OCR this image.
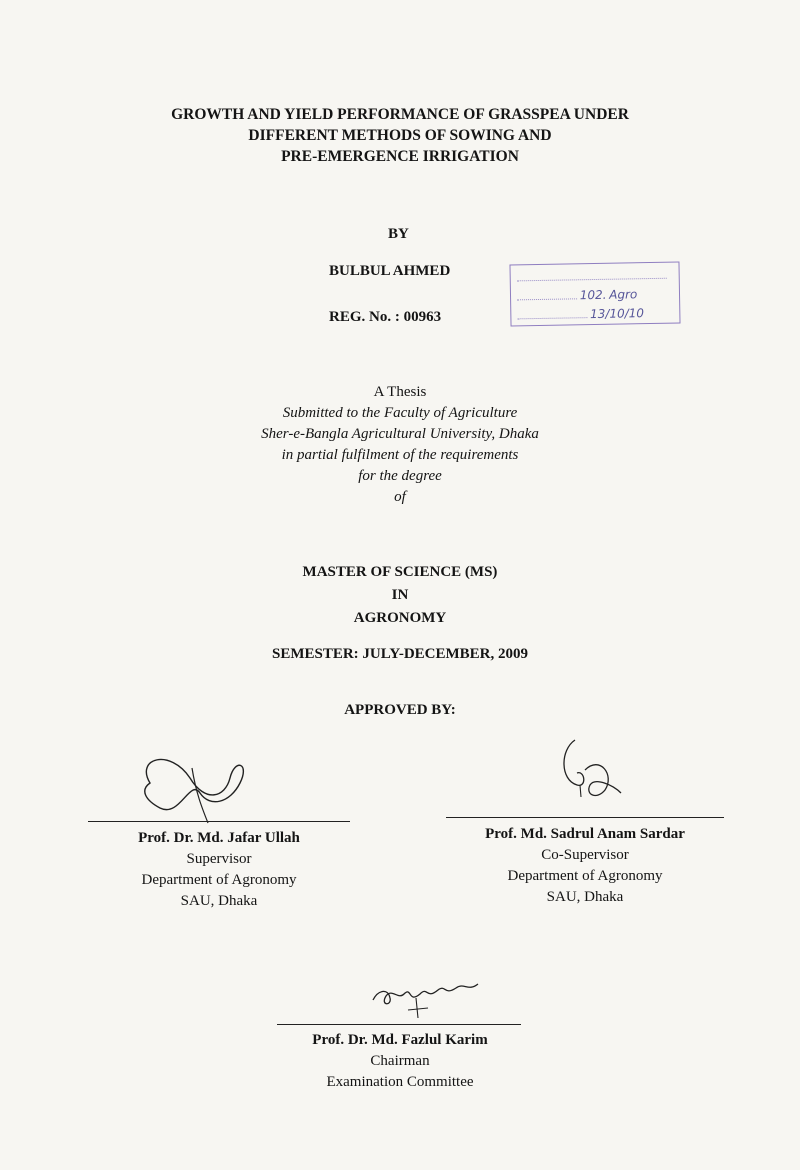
GROWTH AND YIELD PERFORMANCE OF GRASSPEA UNDER
DIFFERENT METHODS OF SOWING AND
PRE-EMERGENCE IRRIGATION
BY
BULBUL AHMED
REG. No. : 00963
102. Agro
13/10/10
A Thesis
Submitted to the Faculty of Agriculture
Sher-e-Bangla Agricultural University, Dhaka
in partial fulfilment of the requirements
for the degree
of
MASTER OF SCIENCE (MS)
IN
AGRONOMY
SEMESTER: JULY-DECEMBER, 2009
APPROVED BY:
Prof. Dr. Md. Jafar Ullah
Supervisor
Department of Agronomy
SAU, Dhaka
Prof. Md. Sadrul Anam Sardar
Co-Supervisor
Department of Agronomy
SAU, Dhaka
Prof. Dr. Md. Fazlul Karim
Chairman
Examination Committee
